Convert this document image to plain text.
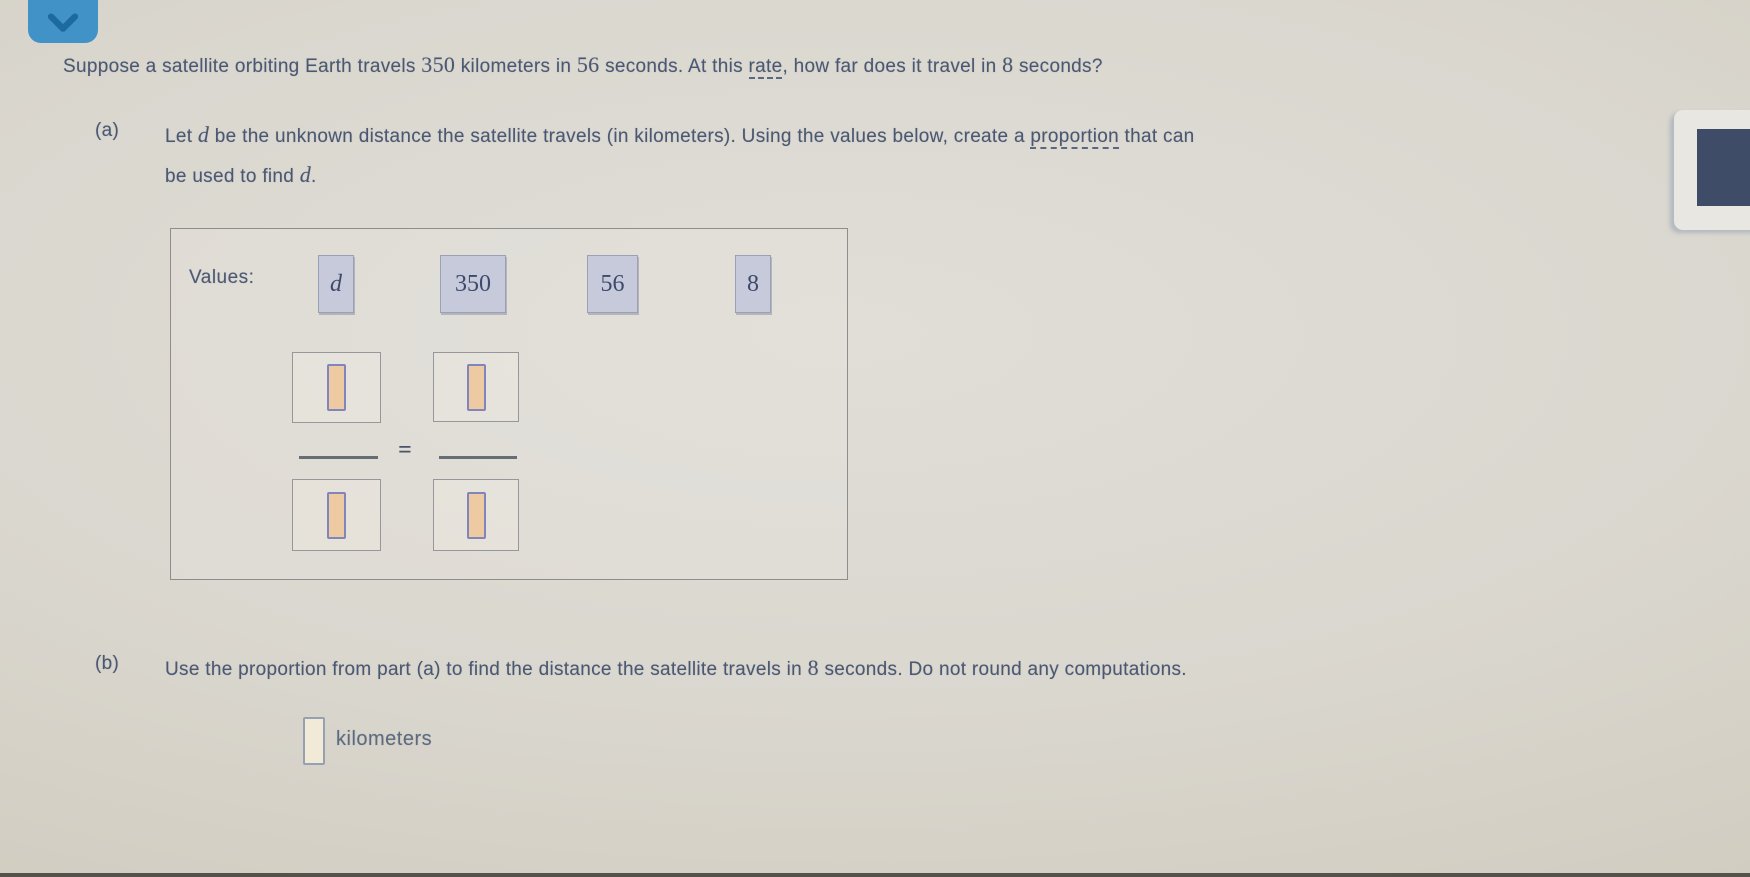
Suppose a satellite orbiting Earth travels 350 kilometers in 56 seconds. At this rate, how far does it travel in 8 seconds?
(a) Let d be the unknown distance the satellite travels (in kilometers). Using the values below, create a proportion that can
be used to find d.
Values:	d	350	56	8
=
(b) Use the proportion from part (a) to find the distance the satellite travels in 8 seconds. Do not round any computations.
kilometers
